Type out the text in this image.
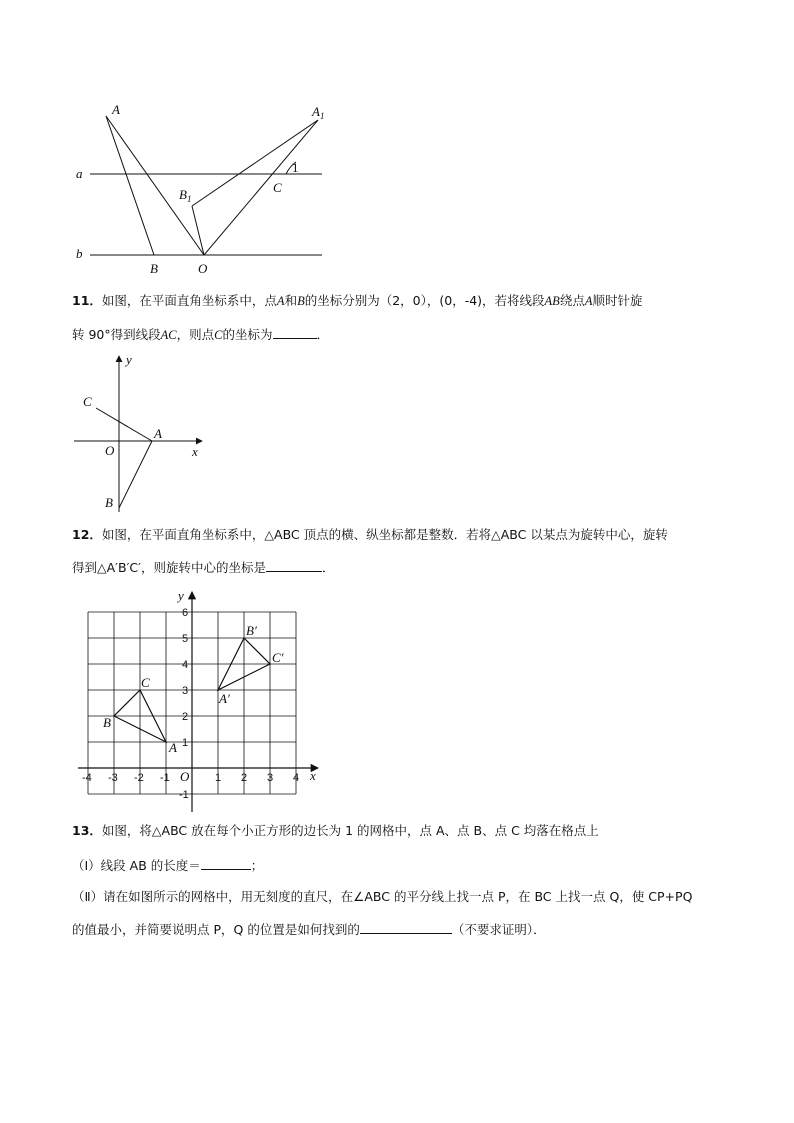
A	$A_1$
1
C
$B_1$
a
b
B	O
11．如图，在平面直角坐标系中，点A和B的坐标分别为（2，0），(0，-4)，若将线段AB绕点A顺时针旋
转 90°得到线段AC，则点C的坐标为	．
y
x
C
A
O
B
12．如图，在平面直角坐标系中，△ABC 顶点的横、纵坐标都是整数．若将△ABC 以某点为旋转中心，旋转
得到△A′B′C′，则旋转中心的坐标是	．
-4 -3 -2 -1	1 2 3 4
-1
1
2
3
4
5
6
A
B
C
A′
B′
C′
x
y
O
13．如图，将△ABC 放在每个小正方形的边长为 1 的网格中，点 A、点 B、点 C 均落在格点上
（Ⅰ）线段 AB 的长度＝	；
（Ⅱ）请在如图所示的网格中，用无刻度的直尺，在∠ABC 的平分线上找一点 P，在 BC 上找一点 Q，使 CP+PQ
的值最小，并简要说明点 P，Q 的位置是如何找到的	（不要求证明）．
